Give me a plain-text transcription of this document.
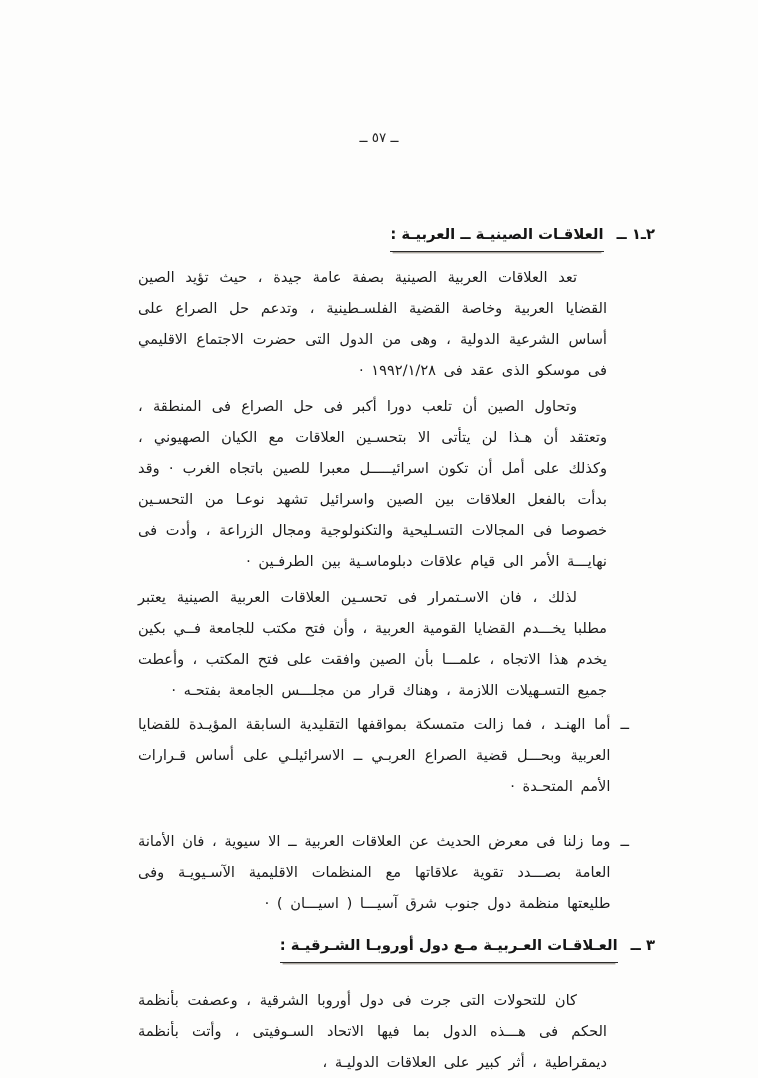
ــ ٥٧ ــ
٢ـ١ ــ
العلاقـات الصينيـة ــ العربيـة :

تعد العلاقات العربية الصينية بصفة عامة جيدة ، حيث تؤيد الصين القضايا العربية وخاصة القضية الفلسـطينية ، وتدعم حل الصراع على أساس الشرعية الدولية ، وهى من الدول التى حضرت الاجتماع الاقليمي فى موسكو الذى عقد فى ١٩٩٢/١/٢٨ ·

وتحاول الصين أن تلعب دورا أكبر فى حل الصراع فى المنطقة ، وتعتقد أن هـذا لن يتأتى الا بتحسـين العلاقات مع الكيان الصهيوني ، وكذلك على أمل أن تكون اسرائيـــــل معبرا للصين باتجاه الغرب · وقد بدأت بالفعل العلاقات بين الصين واسرائيل تشهد نوعـا من التحسـين خصوصا فى المجالات التسـليحية والتكنولوجية ومجال الزراعة ، وأدت فى نهايـــة الأمر الى قيام علاقات دبلوماسـية بين الطرفـين ·

لذلك ، فان الاسـتمرار فى تحسـين العلاقات العربية الصينية يعتبر مطلبا يخـــدم القضايا القومية العربية ، وأن فتح مكتب للجامعة فــي بكين يخدم هذا الاتجاه ، علمـــا بأن الصين وافقت على فتح المكتب ، وأعطت جميع التسـهيلات اللازمة ، وهناك قرار من مجلـــس الجامعة بفتحـه ·

ــ
أما الهنـد ، فما زالت متمسكة بمواقفها التقليدية السابقة المؤيـدة للقضايا العربية وبحـــل قضية الصراع العربـي ــ الاسرائيلـي على أساس قـرارات الأمم المتحـدة ·
ــ
وما زلنا فى معرض الحديث عن العلاقات العربية ــ الا سيوية ، فان الأمانة العامة بصـــدد تقوية علاقاتها مع المنظمات الاقليمية الآسـيويـة وفى طليعتها منظمة دول جنوب شرق آسيـــا ( اسيـــان ) ·
٣ ــ
العـلاقـات العـربيـة مـع دول أوروبـا الشـرقيـة :

كان للتحولات التى جرت فى دول أوروبا الشرقية ، وعصفت بأنظمة الحكم فى هـــذه الدول بما فيها الاتحاد السـوفيتى ، وأتت بأنظمة ديمقراطية ، أثر كبير على العلاقات الدوليـة ،
